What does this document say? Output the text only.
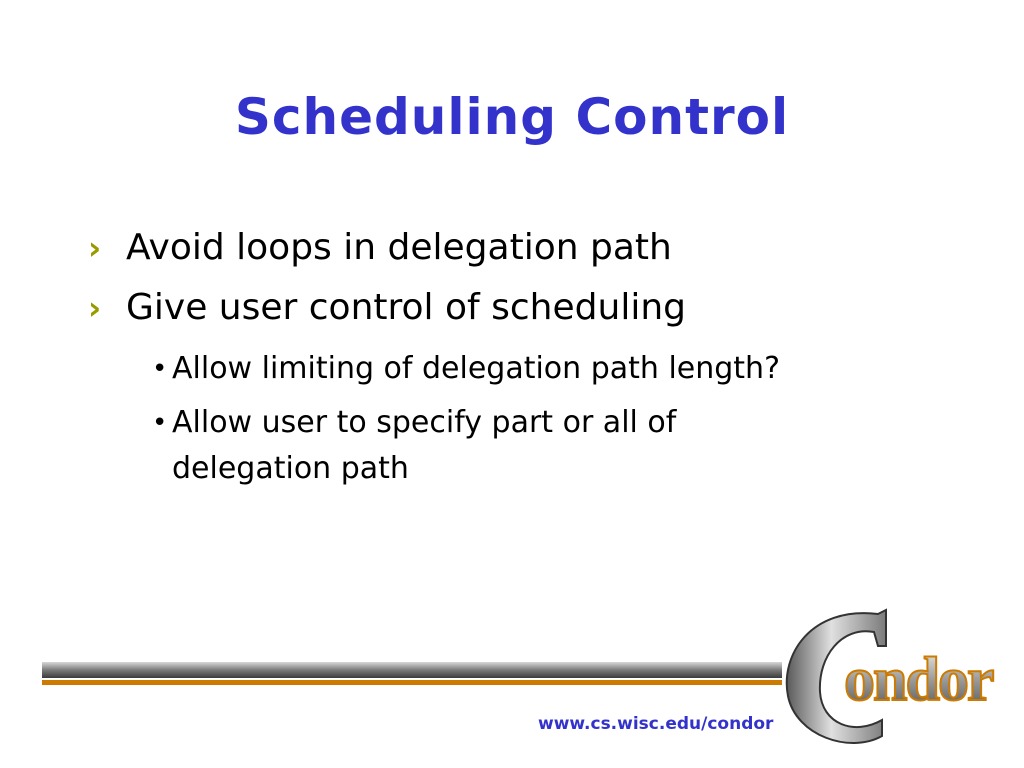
Scheduling Control
› Avoid loops in delegation path
› Give user control of scheduling
• Allow limiting of delegation path length?
• Allow user to specify part or all of delegation path
www.cs.wisc.edu/condor
ondor
